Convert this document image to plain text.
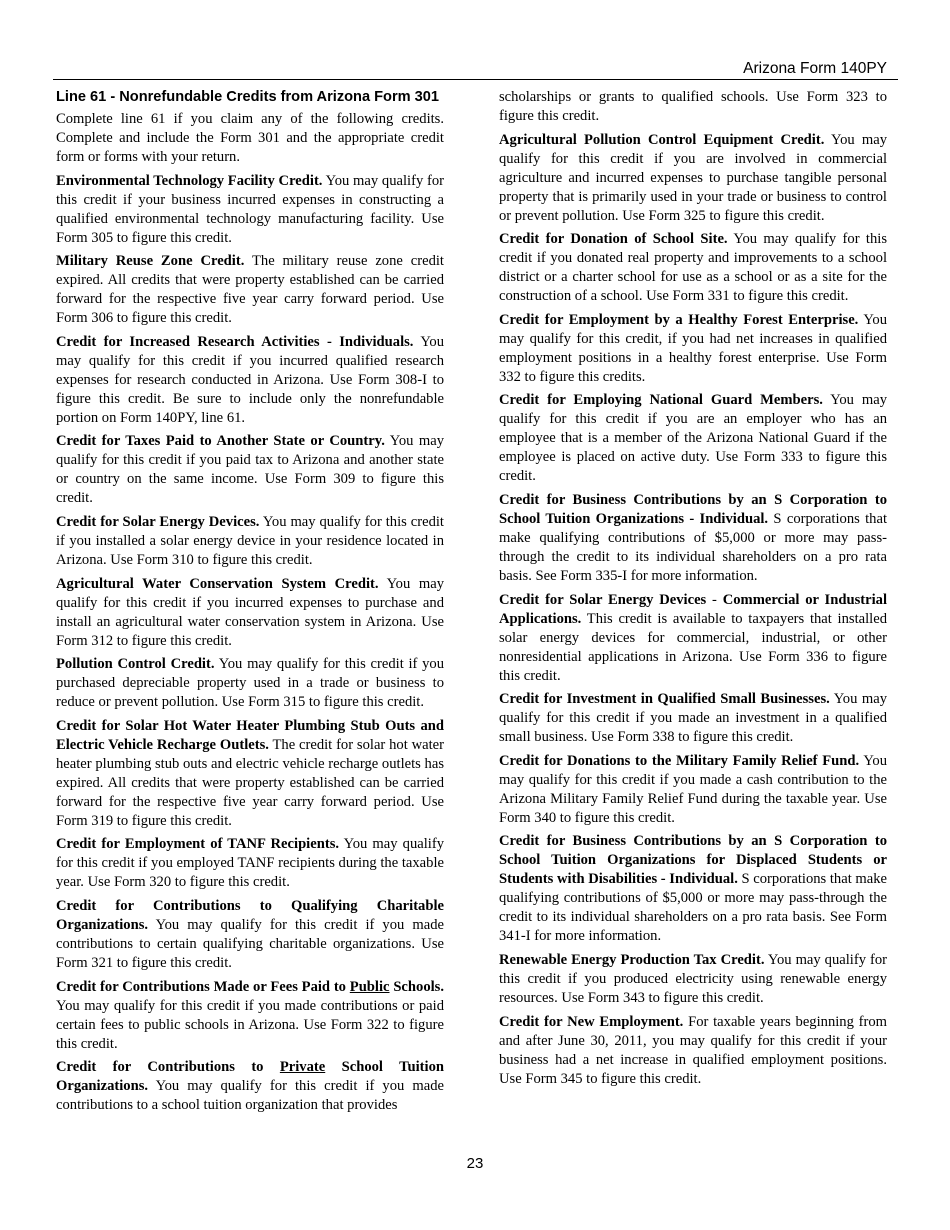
Arizona Form 140PY
Line 61 - Nonrefundable Credits from Arizona Form 301

Complete line 61 if you claim any of the following credits. Complete and include the Form 301 and the appropriate credit form or forms with your return.

Environmental Technology Facility Credit. You may qualify for this credit if your business incurred expenses in constructing a qualified environmental technology manufacturing facility. Use Form 305 to figure this credit.

Military Reuse Zone Credit. The military reuse zone credit expired. All credits that were property established can be carried forward for the respective five year carry forward period. Use Form 306 to figure this credit.

Credit for Increased Research Activities - Individuals. You may qualify for this credit if you incurred qualified research expenses for research conducted in Arizona. Use Form 308-I to figure this credit. Be sure to include only the nonrefundable portion on Form 140PY, line 61.

Credit for Taxes Paid to Another State or Country. You may qualify for this credit if you paid tax to Arizona and another state or country on the same income. Use Form 309 to figure this credit.

Credit for Solar Energy Devices. You may qualify for this credit if you installed a solar energy device in your residence located in Arizona. Use Form 310 to figure this credit.

Agricultural Water Conservation System Credit. You may qualify for this credit if you incurred expenses to purchase and install an agricultural water conservation system in Arizona. Use Form 312 to figure this credit.

Pollution Control Credit. You may qualify for this credit if you purchased depreciable property used in a trade or business to reduce or prevent pollution. Use Form 315 to figure this credit.

Credit for Solar Hot Water Heater Plumbing Stub Outs and Electric Vehicle Recharge Outlets. The credit for solar hot water heater plumbing stub outs and electric vehicle recharge outlets has expired. All credits that were property established can be carried forward for the respective five year carry forward period. Use Form 319 to figure this credit.

Credit for Employment of TANF Recipients. You may qualify for this credit if you employed TANF recipients during the taxable year. Use Form 320 to figure this credit.

Credit for Contributions to Qualifying Charitable Organizations. You may qualify for this credit if you made contributions to certain qualifying charitable organizations. Use Form 321 to figure this credit.

Credit for Contributions Made or Fees Paid to Public Schools. You may qualify for this credit if you made contributions or paid certain fees to public schools in Arizona. Use Form 322 to figure this credit.

Credit for Contributions to Private School Tuition Organizations. You may qualify for this credit if you made contributions to a school tuition organization that provides

scholarships or grants to qualified schools. Use Form 323 to figure this credit.

Agricultural Pollution Control Equipment Credit. You may qualify for this credit if you are involved in commercial agriculture and incurred expenses to purchase tangible personal property that is primarily used in your trade or business to control or prevent pollution. Use Form 325 to figure this credit.

Credit for Donation of School Site. You may qualify for this credit if you donated real property and improvements to a school district or a charter school for use as a school or as a site for the construction of a school. Use Form 331 to figure this credit.

Credit for Employment by a Healthy Forest Enterprise. You may qualify for this credit, if you had net increases in qualified employment positions in a healthy forest enterprise. Use Form 332 to figure this credits.

Credit for Employing National Guard Members. You may qualify for this credit if you are an employer who has an employee that is a member of the Arizona National Guard if the employee is placed on active duty. Use Form 333 to figure this credit.

Credit for Business Contributions by an S Corporation to School Tuition Organizations - Individual. S corporations that make qualifying contributions of $5,000 or more may pass-through the credit to its individual shareholders on a pro rata basis. See Form 335-I for more information.

Credit for Solar Energy Devices - Commercial or Industrial Applications. This credit is available to taxpayers that installed solar energy devices for commercial, industrial, or other nonresidential applications in Arizona. Use Form 336 to figure this credit.

Credit for Investment in Qualified Small Businesses. You may qualify for this credit if you made an investment in a qualified small business. Use Form 338 to figure this credit.

Credit for Donations to the Military Family Relief Fund. You may qualify for this credit if you made a cash contribution to the Arizona Military Family Relief Fund during the taxable year. Use Form 340 to figure this credit.

Credit for Business Contributions by an S Corporation to School Tuition Organizations for Displaced Students or Students with Disabilities - Individual. S corporations that make qualifying contributions of $5,000 or more may pass-through the credit to its individual shareholders on a pro rata basis. See Form 341-I for more information.

Renewable Energy Production Tax Credit. You may qualify for this credit if you produced electricity using renewable energy resources. Use Form 343 to figure this credit.

Credit for New Employment. For taxable years beginning from and after June 30, 2011, you may qualify for this credit if your business had a net increase in qualified employment positions. Use Form 345 to figure this credit.

23
